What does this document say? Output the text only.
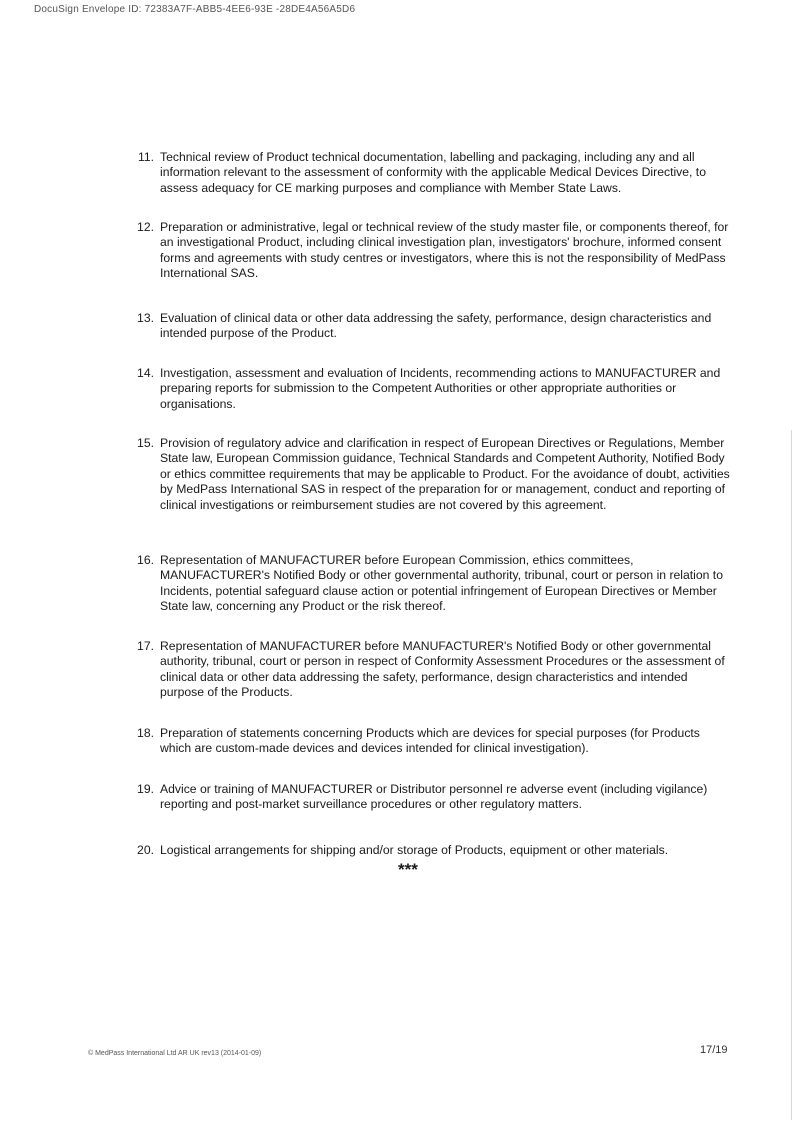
DocuSign Envelope ID: 72383A7F-ABB5-4EE6-93E -28DE4A56A5D6
11. Technical review of Product technical documentation, labelling and packaging, including any and all information relevant to the assessment of conformity with the applicable Medical Devices Directive, to assess adequacy for CE marking purposes and compliance with Member State Laws.
12. Preparation or administrative, legal or technical review of the study master file, or components thereof, for an investigational Product, including clinical investigation plan, investigators' brochure, informed consent forms and agreements with study centres or investigators, where this is not the responsibility of MedPass International SAS.
13. Evaluation of clinical data or other data addressing the safety, performance, design characteristics and intended purpose of the Product.
14. Investigation, assessment and evaluation of Incidents, recommending actions to MANUFACTURER and preparing reports for submission to the Competent Authorities or other appropriate authorities or organisations.
15. Provision of regulatory advice and clarification in respect of European Directives or Regulations, Member State law, European Commission guidance, Technical Standards and Competent Authority, Notified Body or ethics committee requirements that may be applicable to Product. For the avoidance of doubt, activities by MedPass International SAS in respect of the preparation for or management, conduct and reporting of clinical investigations or reimbursement studies are not covered by this agreement.
16. Representation of MANUFACTURER before European Commission, ethics committees, MANUFACTURER's Notified Body or other governmental authority, tribunal, court or person in relation to Incidents, potential safeguard clause action or potential infringement of European Directives or Member State law, concerning any Product or the risk thereof.
17. Representation of MANUFACTURER before MANUFACTURER's Notified Body or other governmental authority, tribunal, court or person in respect of Conformity Assessment Procedures or the assessment of clinical data or other data addressing the safety, performance, design characteristics and intended purpose of the Products.
18. Preparation of statements concerning Products which are devices for special purposes (for Products which are custom-made devices and devices intended for clinical investigation).
19. Advice or training of MANUFACTURER or Distributor personnel re adverse event (including vigilance) reporting and post-market surveillance procedures or other regulatory matters.
20. Logistical arrangements for shipping and/or storage of Products, equipment or other materials.
***
© MedPass International Ltd AR UK rev13 (2014-01-09)	17/19
